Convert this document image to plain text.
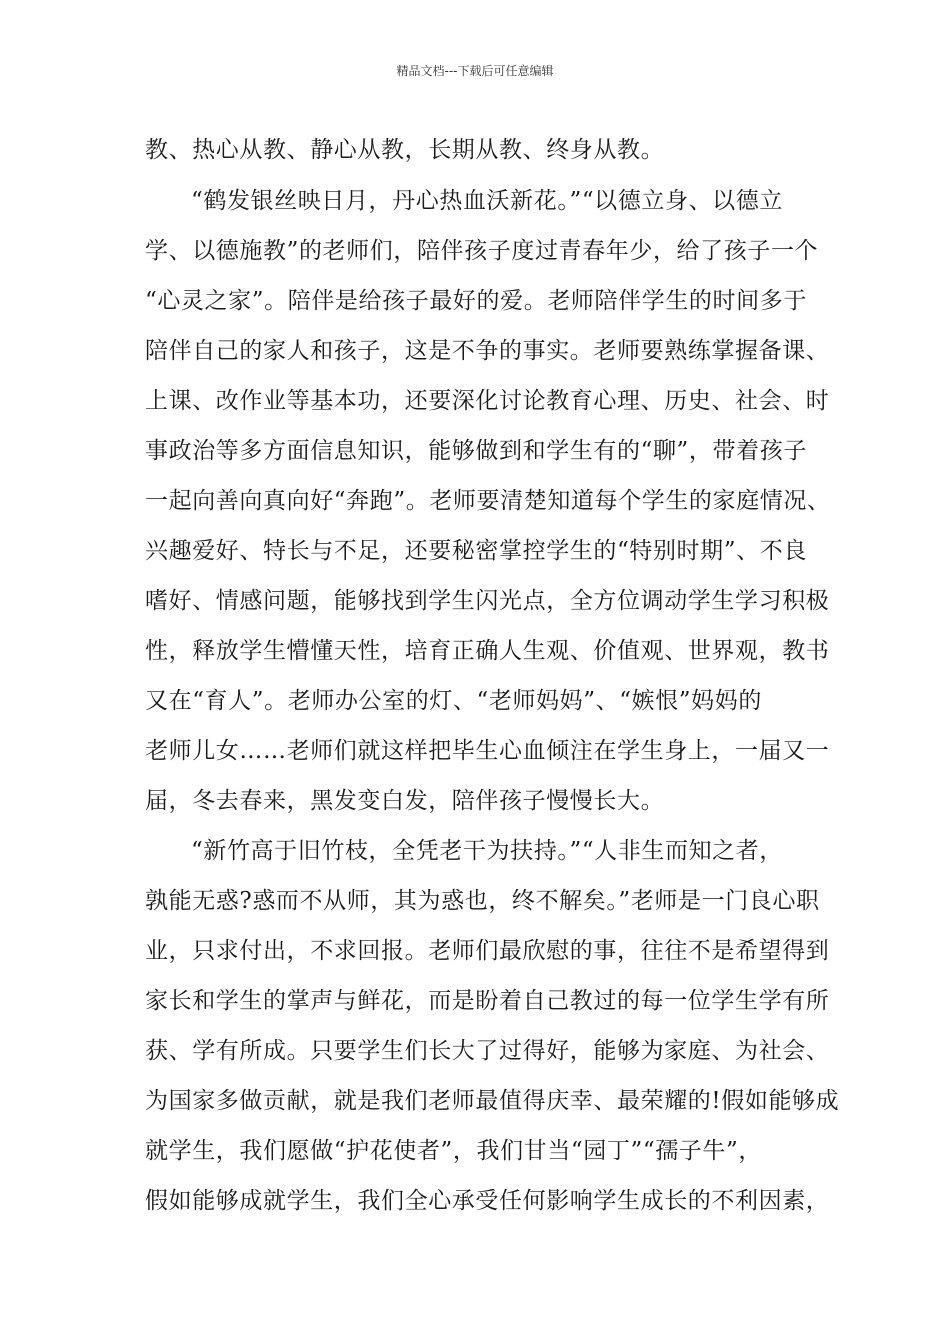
精品文档---下载后可任意编辑
教、热心从教、静心从教，长期从教、终身从教。
“鹤发银丝映日月，丹心热血沃新花。”“以德立身、以德立
学、以德施教”的老师们，陪伴孩子度过青春年少，给了孩子一个
“心灵之家”。陪伴是给孩子最好的爱。老师陪伴学生的时间多于
陪伴自己的家人和孩子，这是不争的事实。老师要熟练掌握备课、
上课、改作业等基本功，还要深化讨论教育心理、历史、社会、时
事政治等多方面信息知识，能够做到和学生有的“聊”，带着孩子
一起向善向真向好“奔跑”。老师要清楚知道每个学生的家庭情况、
兴趣爱好、特长与不足，还要秘密掌控学生的“特别时期”、不良
嗜好、情感问题，能够找到学生闪光点，全方位调动学生学习积极
性，释放学生懵懂天性，培育正确人生观、价值观、世界观，教书
又在“育人”。老师办公室的灯、“老师妈妈”、“嫉恨”妈妈的
老师儿女……老师们就这样把毕生心血倾注在学生身上，一届又一
届，冬去春来，黑发变白发，陪伴孩子慢慢长大。
“新竹高于旧竹枝，全凭老干为扶持。”“人非生而知之者，
孰能无惑?惑而不从师，其为惑也，终不解矣。”老师是一门良心职
业，只求付出，不求回报。老师们最欣慰的事，往往不是希望得到
家长和学生的掌声与鲜花，而是盼着自己教过的每一位学生学有所
获、学有所成。只要学生们长大了过得好，能够为家庭、为社会、
为国家多做贡献，就是我们老师最值得庆幸、最荣耀的!假如能够成
就学生，我们愿做“护花使者”，我们甘当“园丁”“孺子牛”，
假如能够成就学生，我们全心承受任何影响学生成长的不利因素，
